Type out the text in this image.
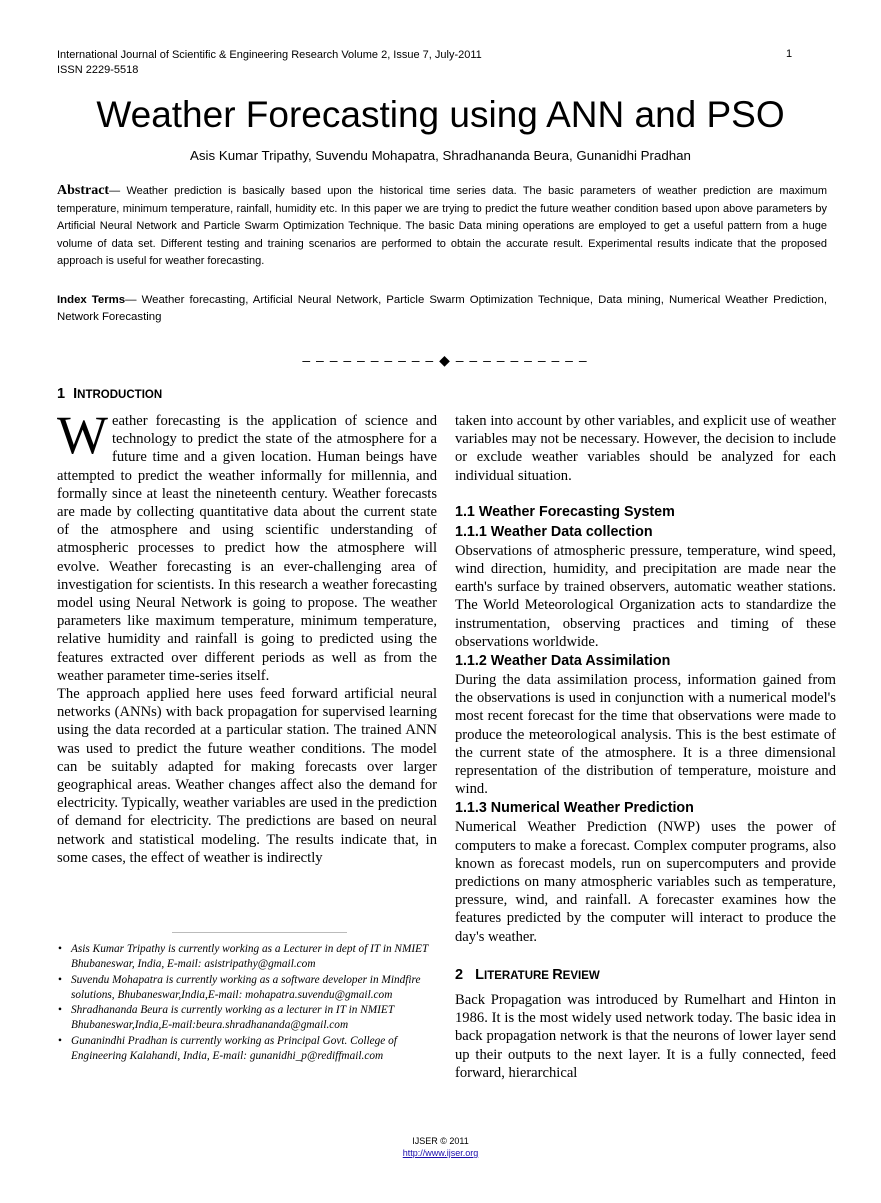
International Journal of Scientific & Engineering Research Volume 2, Issue 7, July-2011
ISSN 2229-5518
1
Weather Forecasting using ANN and PSO
Asis Kumar Tripathy, Suvendu Mohapatra, Shradhananda Beura, Gunanidhi Pradhan
Abstract— Weather prediction is basically based upon the historical time series data. The basic parameters of weather prediction are maximum temperature, minimum temperature, rainfall, humidity etc. In this paper we are trying to predict the future weather condition based upon above parameters by Artificial Neural Network and Particle Swarm Optimization Technique. The basic Data mining operations are employed to get a useful pattern from a huge volume of data set. Different testing and training scenarios are performed to obtain the accurate result. Experimental results indicate that the proposed approach is useful for weather forecasting.
Index Terms— Weather forecasting, Artificial Neural Network, Particle Swarm Optimization Technique, Data mining, Numerical Weather Prediction, Network Forecasting
– – – – – – – – – – ◆ – – – – – – – – – –
1 INTRODUCTION

Weather forecasting is the application of science and technology to predict the state of the atmosphere for a future time and a given location. Human beings have attempted to predict the weather informally for millennia, and formally since at least the nineteenth century. Weather forecasts are made by collecting quantitative data about the current state of the atmosphere and using scientific understanding of atmospheric processes to predict how the atmosphere will evolve. Weather forecasting is an ever-challenging area of investigation for scientists. In this research a weather forecasting model using Neural Network is going to propose. The weather parameters like maximum temperature, minimum temperature, relative humidity and rainfall is going to predicted using the features extracted over different periods as well as from the weather parameter time-series itself.

The approach applied here uses feed forward artificial neural networks (ANNs) with back propagation for supervised learning using the data recorded at a particular station. The trained ANN was used to predict the future weather conditions. The model can be suitably adapted for making forecasts over larger geographical areas. Weather changes affect also the demand for electricity. Typically, weather variables are used in the prediction of demand for electricity. The predictions are based on neural network and statistical modeling. The results indicate that, in some cases, the effect of weather is indirectly

taken into account by other variables, and explicit use of weather variables may not be necessary. However, the decision to include or exclude weather variables should be analyzed for each individual situation.

1.1 Weather Forecasting System
1.1.1 Weather Data collection

Observations of atmospheric pressure, temperature, wind speed, wind direction, humidity, and precipitation are made near the earth's surface by trained observers, automatic weather stations. The World Meteorological Organization acts to standardize the instrumentation, observing practices and timing of these observations worldwide.

1.1.2 Weather Data Assimilation

During the data assimilation process, information gained from the observations is used in conjunction with a numerical model's most recent forecast for the time that observations were made to produce the meteorological analysis. This is the best estimate of the current state of the atmosphere. It is a three dimensional representation of the distribution of temperature, moisture and wind.

1.1.3 Numerical Weather Prediction

Numerical Weather Prediction (NWP) uses the power of computers to make a forecast. Complex computer programs, also known as forecast models, run on supercomputers and provide predictions on many atmospheric variables such as temperature, pressure, wind, and rainfall. A forecaster examines how the features predicted by the computer will interact to produce the day's weather.

2 LITERATURE REVIEW

Back Propagation was introduced by Rumelhart and Hinton in 1986. It is the most widely used network today. The basic idea in back propagation network is that the neurons of lower layer send up their outputs to the next layer. It is a fully connected, feed forward, hierarchical

• Asis Kumar Tripathy is currently working as a Lecturer in dept of IT in NMIET Bhubaneswar, India, E-mail: asistripathy@gmail.com
• Suvendu Mohapatra is currently working as a software developer in Mindfire solutions, Bhubaneswar,India,E-mail: mohapatra.suvendu@gmail.com
• Shradhananda Beura is currently working as a lecturer in IT in NMIET Bhubaneswar,India,E-mail:beura.shradhananda@gmail.com
• Gunanindhi Pradhan is currently working as Principal Govt. College of Engineering Kalahandi, India, E-mail: gunanidhi_p@rediffmail.com
IJSER © 2011
http://www.ijser.org
